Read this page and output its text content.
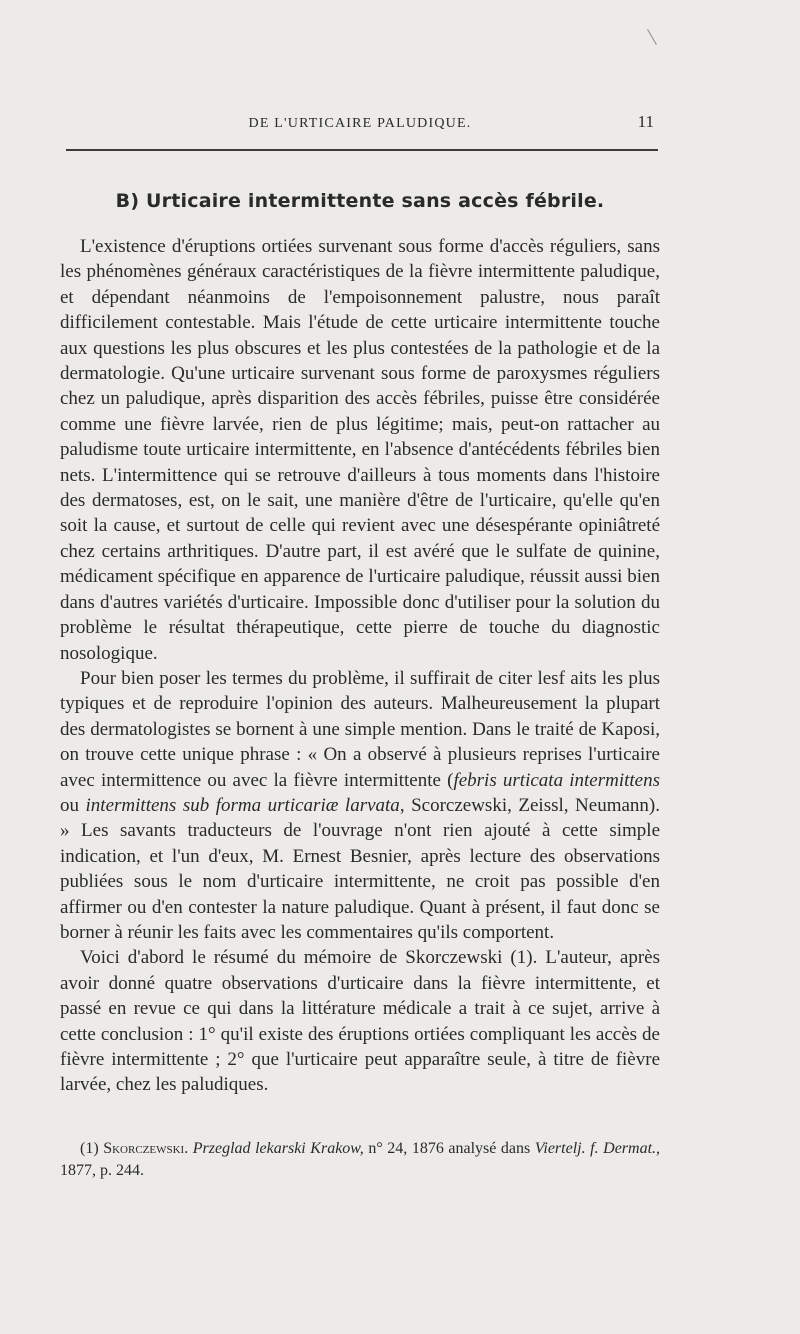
DE L'URTICAIRE PALUDIQUE.	11
B) Urticaire intermittente sans accès fébrile.

L'existence d'éruptions ortiées survenant sous forme d'accès réguliers, sans les phénomènes généraux caractéristiques de la fièvre intermittente paludique, et dépendant néanmoins de l'empoisonnement palustre, nous paraît difficilement contestable. Mais l'étude de cette urticaire intermittente touche aux questions les plus obscures et les plus contestées de la pathologie et de la dermatologie. Qu'une urticaire survenant sous forme de paroxysmes réguliers chez un paludique, après disparition des accès fébriles, puisse être considérée comme une fièvre larvée, rien de plus légitime; mais, peut-on rattacher au paludisme toute urticaire intermittente, en l'absence d'antécédents fébriles bien nets. L'intermittence qui se retrouve d'ailleurs à tous moments dans l'histoire des dermatoses, est, on le sait, une manière d'être de l'urticaire, qu'elle qu'en soit la cause, et surtout de celle qui revient avec une désespérante opiniâtreté chez certains arthritiques. D'autre part, il est avéré que le sulfate de quinine, médicament spécifique en apparence de l'urticaire paludique, réussit aussi bien dans d'autres variétés d'urticaire. Impossible donc d'utiliser pour la solution du problème le résultat thérapeutique, cette pierre de touche du diagnostic nosologique.

Pour bien poser les termes du problème, il suffirait de citer lesf aits les plus typiques et de reproduire l'opinion des auteurs. Malheureusement la plupart des dermatologistes se bornent à une simple mention. Dans le traité de Kaposi, on trouve cette unique phrase : « On a observé à plusieurs reprises l'urticaire avec intermittence ou avec la fièvre intermittente (febris urticata intermittens ou intermittens sub forma urticariæ larvata, Scorczewski, Zeissl, Neumann). » Les savants traducteurs de l'ouvrage n'ont rien ajouté à cette simple indication, et l'un d'eux, M. Ernest Besnier, après lecture des observations publiées sous le nom d'urticaire intermittente, ne croit pas possible d'en affirmer ou d'en contester la nature paludique. Quant à présent, il faut donc se borner à réunir les faits avec les commentaires qu'ils comportent.

Voici d'abord le résumé du mémoire de Skorczewski (1). L'auteur, après avoir donné quatre observations d'urticaire dans la fièvre intermittente, et passé en revue ce qui dans la littérature médicale a trait à ce sujet, arrive à cette conclusion : 1° qu'il existe des éruptions ortiées compliquant les accès de fièvre intermittente ; 2° que l'urticaire peut apparaître seule, à titre de fièvre larvée, chez les paludiques.

(1) Skorczewski. Przeglad lekarski Krakow, n° 24, 1876 analysé dans Viertelj. f. Dermat., 1877, p. 244.
